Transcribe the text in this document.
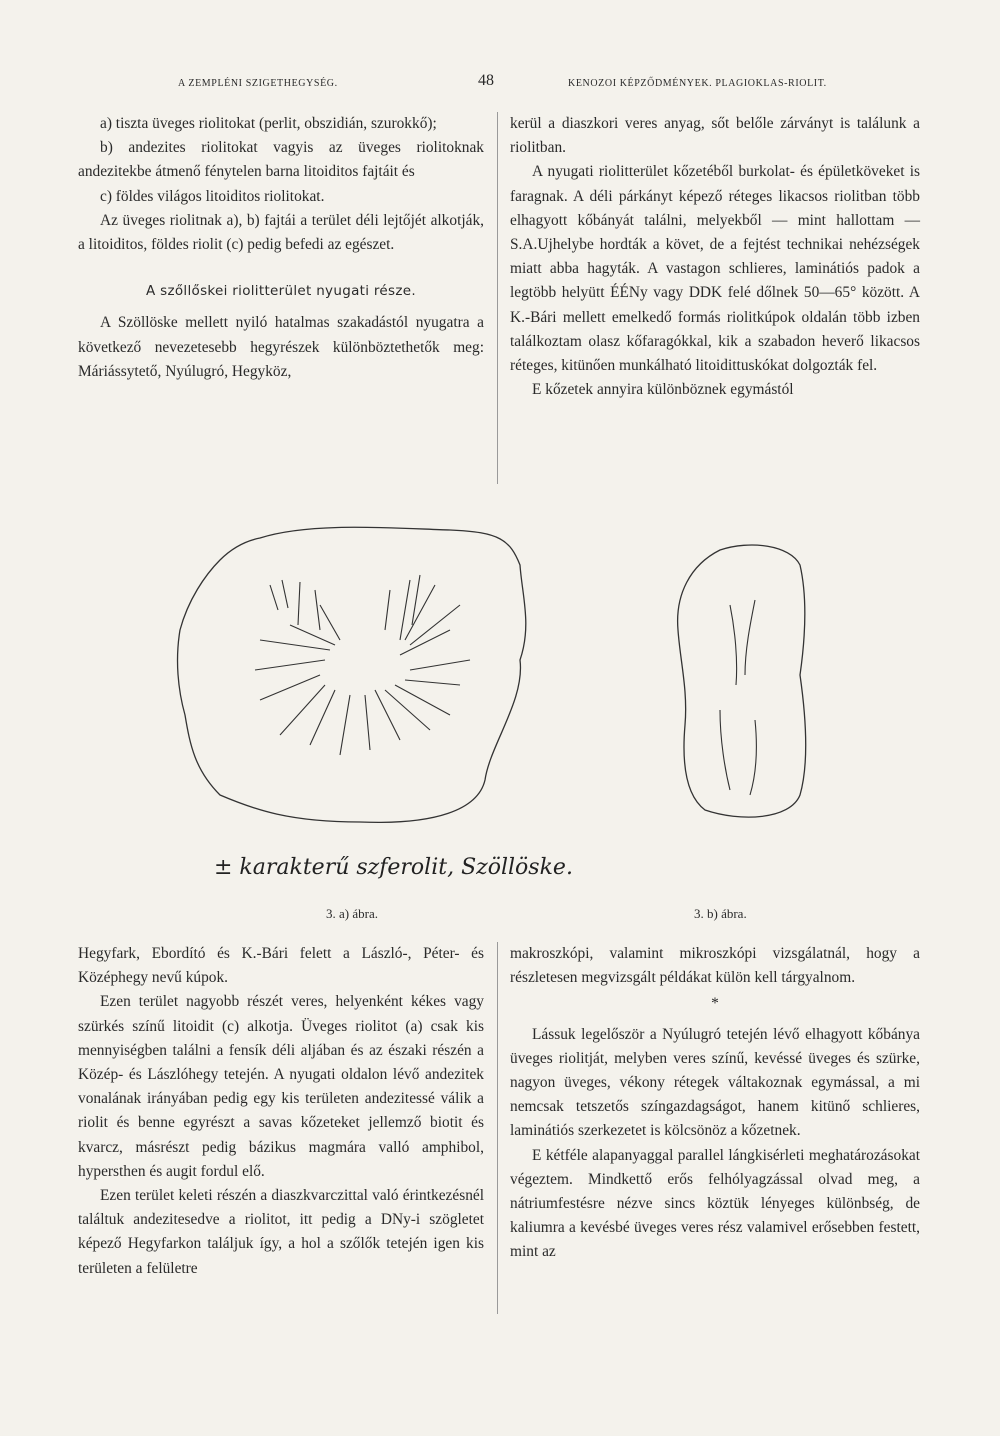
A ZEMPLÉNI SZIGETHEGYSÉG.	48	KENOZOI KÉPZŐDMÉNYEK. PLAGIOKLAS-RIOLIT.

a) tiszta üveges riolitokat (perlit, obszidián, szurokkő);

b) andezites riolitokat vagyis az üveges riolitoknak andezitekbe átmenő fénytelen barna litoiditos fajtáit és

c) földes világos litoiditos riolitokat.

Az üveges riolitnak a), b) fajtái a terület déli lejtőjét alkotják, a litoiditos, földes riolit (c) pedig befedi az egészet.

A szőllőskei riolitterület nyugati része.

A Szöllöske mellett nyiló hatalmas szakadástól nyugatra a következő nevezetesebb hegyrészek különböztethetők meg: Máriássytető, Nyúlugró, Hegyköz,

kerül a diaszkori veres anyag, sőt belőle zárványt is találunk a riolitban.

A nyugati riolitterület kőzetéből burkolat- és épületköveket is faragnak. A déli párkányt képező réteges likacsos riolitban több elhagyott kőbányát találni, melyekből — mint hallottam — S.A.Ujhelybe hordták a követ, de a fejtést technikai nehézségek miatt abba hagyták. A vastagon schlieres, laminátiós padok a legtöbb helyütt ÉÉNy vagy DDK felé dőlnek 50—65° között. A K.-Bári mellett emelkedő formás riolitkúpok oldalán több izben találkoztam olasz kőfaragókkal, kik a szabadon heverő likacsos réteges, kitünően munkálható litoidittuskókat dolgozták fel.

E kőzetek annyira különböznek egymástól

± karakterű szferolit, Szöllöske.
3. a) ábra.	3. b) ábra.

Hegyfark, Ebordító és K.-Bári felett a László-, Péter- és Középhegy nevű kúpok.

Ezen terület nagyobb részét veres, helyenként kékes vagy szürkés színű litoidit (c) alkotja. Üveges riolitot (a) csak kis mennyiségben találni a fensík déli aljában és az északi részén a Közép- és Lászlóhegy tetején. A nyugati oldalon lévő andezitek vonalának irányában pedig egy kis területen andezitessé válik a riolit és benne egyrészt a savas kőzeteket jellemző biotit és kvarcz, másrészt pedig bázikus magmára valló amphibol, hypersthen és augit fordul elő.

Ezen terület keleti részén a diaszkvarczittal való érintkezésnél találtuk andezitesedve a riolitot, itt pedig a DNy-i szögletet képező Hegyfarkon találjuk így, a hol a szőlők tetején igen kis területen a felületre

makroszkópi, valamint mikroszkópi vizsgálatnál, hogy a részletesen megvizsgált példákat külön kell tárgyalnom.

*

Lássuk legelőször a Nyúlugró tetején lévő elhagyott kőbánya üveges riolitját, melyben veres színű, kevéssé üveges és szürke, nagyon üveges, vékony rétegek váltakoznak egymással, a mi nemcsak tetszetős színgazdagságot, hanem kitünő schlieres, laminátiós szerkezetet is kölcsönöz a kőzetnek.

E kétféle alapanyaggal parallel lángkisérleti meghatározásokat végeztem. Mindkettő erős felhólyagzással olvad meg, a nátriumfestésre nézve sincs köztük lényeges különbség, de kaliumra a kevésbé üveges veres rész valamivel erősebben festett, mint az
